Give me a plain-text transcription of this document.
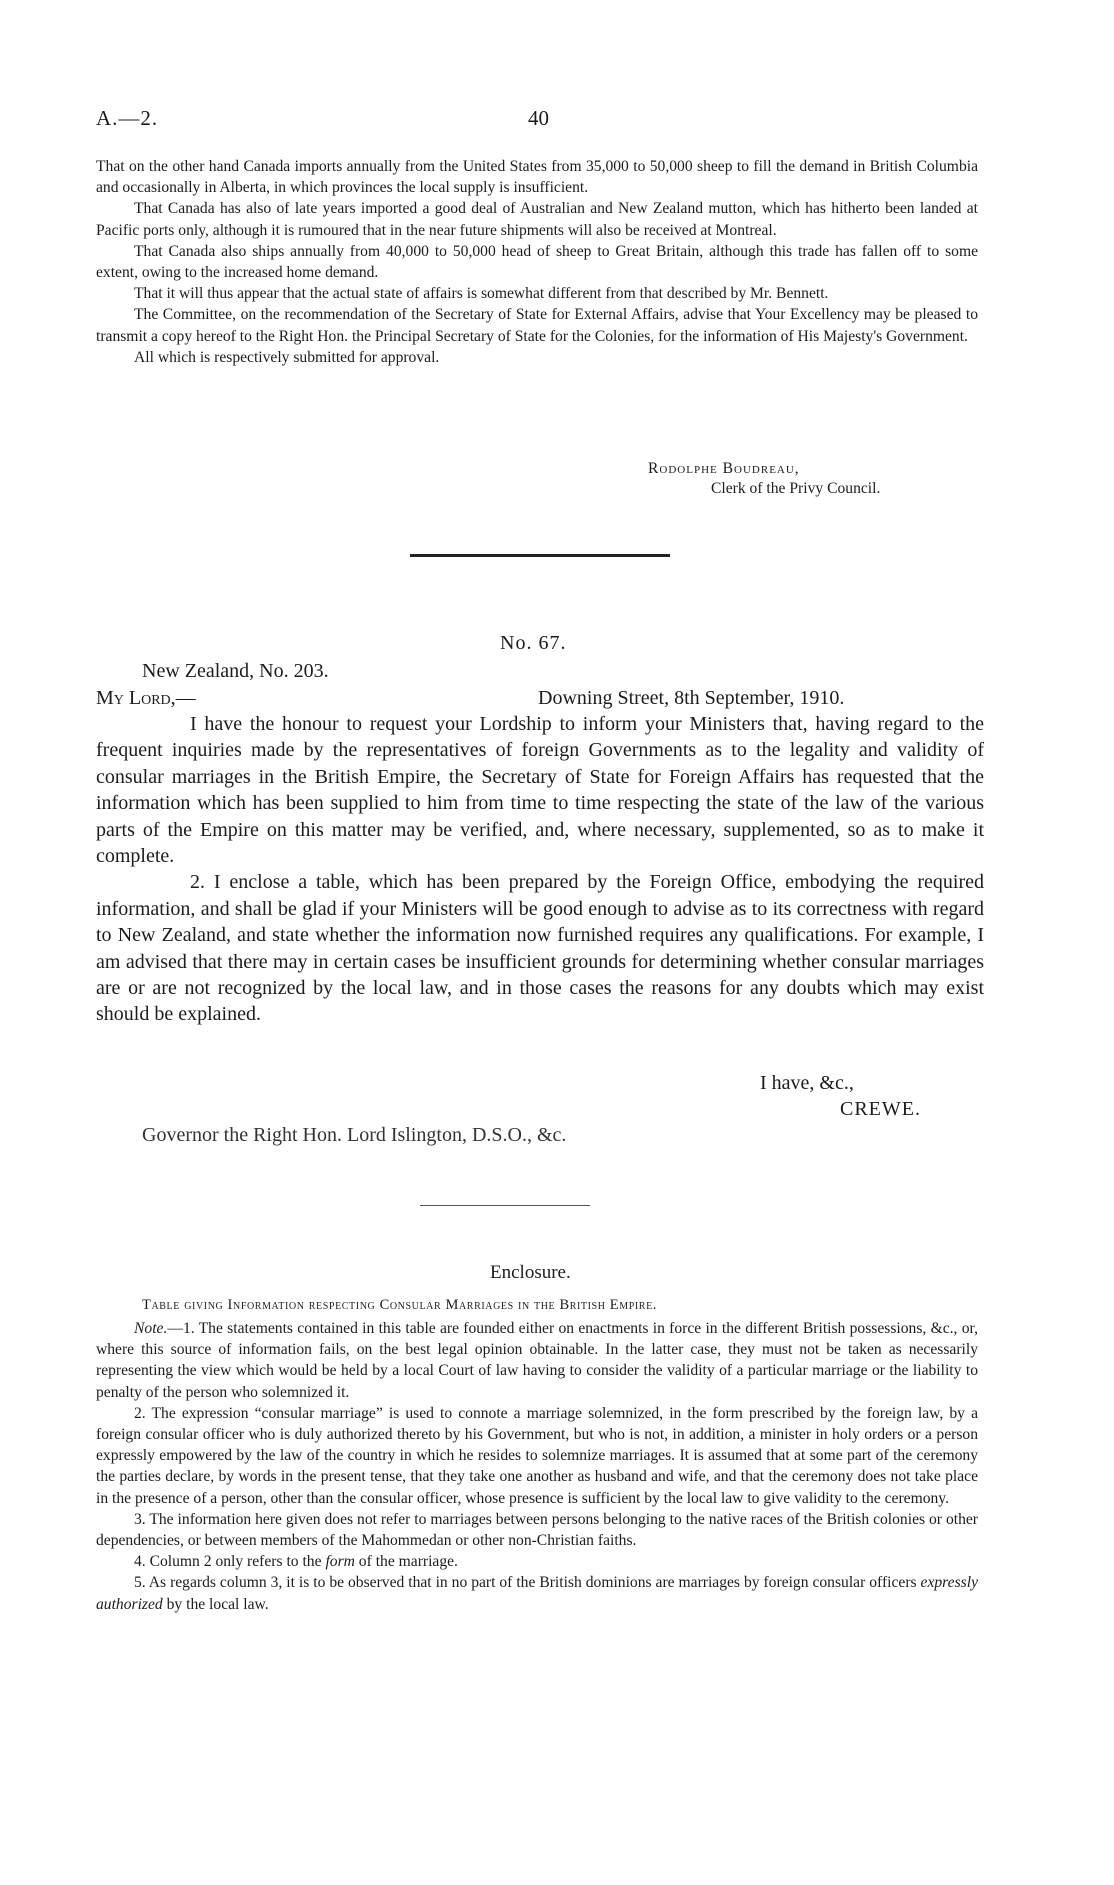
A.—2.	40

That on the other hand Canada imports annually from the United States from 35,000 to 50,000 sheep to fill the demand in British Columbia and occasionally in Alberta, in which provinces the local supply is insufficient.

That Canada has also of late years imported a good deal of Australian and New Zealand mutton, which has hitherto been landed at Pacific ports only, although it is rumoured that in the near future shipments will also be received at Montreal.

That Canada also ships annually from 40,000 to 50,000 head of sheep to Great Britain, although this trade has fallen off to some extent, owing to the increased home demand.

That it will thus appear that the actual state of affairs is somewhat different from that described by Mr. Bennett.

The Committee, on the recommendation of the Secretary of State for External Affairs, advise that Your Excellency may be pleased to transmit a copy hereof to the Right Hon. the Principal Secretary of State for the Colonies, for the information of His Majesty's Government.

All which is respectively submitted for approval.

Rodolphe Boudreau,
Clerk of the Privy Council.
No. 67.
New Zealand, No. 203.
My Lord,—	Downing Street, 8th September, 1910.

I have the honour to request your Lordship to inform your Ministers that, having regard to the frequent inquiries made by the representatives of foreign Governments as to the legality and validity of consular marriages in the British Empire, the Secretary of State for Foreign Affairs has requested that the information which has been supplied to him from time to time respecting the state of the law of the various parts of the Empire on this matter may be verified, and, where necessary, supplemented, so as to make it complete.

2. I enclose a table, which has been prepared by the Foreign Office, embodying the required information, and shall be glad if your Ministers will be good enough to advise as to its correctness with regard to New Zealand, and state whether the information now furnished requires any qualifications. For example, I am advised that there may in certain cases be insufficient grounds for determining whether consular marriages are or are not recognized by the local law, and in those cases the reasons for any doubts which may exist should be explained.

I have, &c.,
CREWE.
Governor the Right Hon. Lord Islington, D.S.O., &c.
Enclosure.
Table giving Information respecting Consular Marriages in the British Empire.

Note.—1. The statements contained in this table are founded either on enactments in force in the different British possessions, &c., or, where this source of information fails, on the best legal opinion obtainable. In the latter case, they must not be taken as necessarily representing the view which would be held by a local Court of law having to consider the validity of a particular marriage or the liability to penalty of the person who solemnized it.

2. The expression “consular marriage” is used to connote a marriage solemnized, in the form prescribed by the foreign law, by a foreign consular officer who is duly authorized thereto by his Government, but who is not, in addition, a minister in holy orders or a person expressly empowered by the law of the country in which he resides to solemnize marriages. It is assumed that at some part of the ceremony the parties declare, by words in the present tense, that they take one another as husband and wife, and that the ceremony does not take place in the presence of a person, other than the consular officer, whose presence is sufficient by the local law to give validity to the ceremony.

3. The information here given does not refer to marriages between persons belonging to the native races of the British colonies or other dependencies, or between members of the Mahommedan or other non-Christian faiths.

4. Column 2 only refers to the form of the marriage.

5. As regards column 3, it is to be observed that in no part of the British dominions are marriages by foreign consular officers expressly authorized by the local law.
